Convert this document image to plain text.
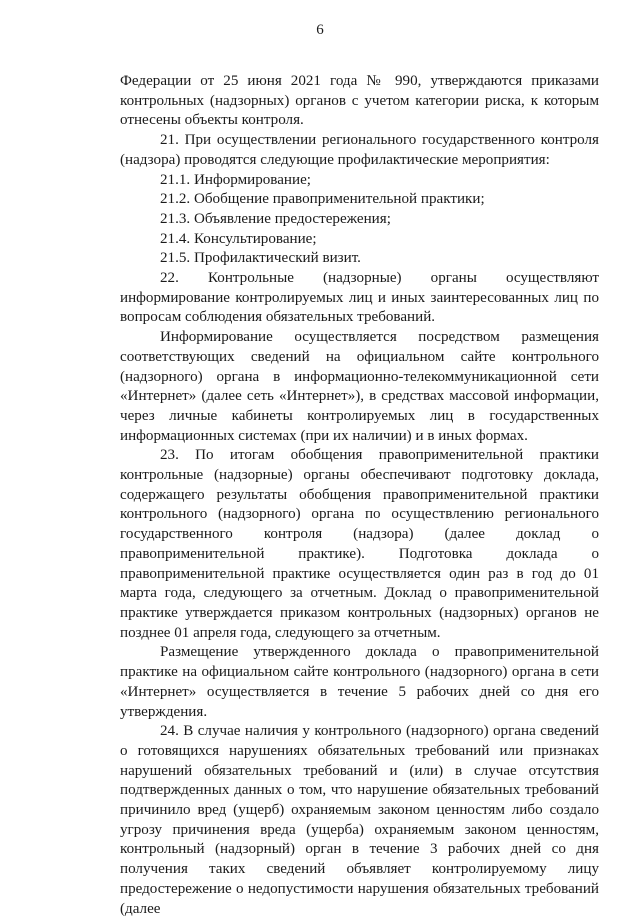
6

Федерации от 25 июня 2021 года № 990, утверждаются приказами контрольных (надзорных) органов с учетом категории риска, к которым отнесены объекты контроля.

21. При осуществлении регионального государственного контроля (надзора) проводятся следующие профилактические мероприятия:

21.1. Информирование;

21.2. Обобщение правоприменительной практики;

21.3. Объявление предостережения;

21.4. Консультирование;

21.5. Профилактический визит.

22. Контрольные (надзорные) органы осуществляют информирование контролируемых лиц и иных заинтересованных лиц по вопросам соблюдения обязательных требований.

Информирование осуществляется посредством размещения соответствующих сведений на официальном сайте контрольного (надзорного) органа в информационно-телекоммуникационной сети «Интернет» (далее сеть «Интернет»), в средствах массовой информации, через личные кабинеты контролируемых лиц в государственных информационных системах (при их наличии) и в иных формах.

23. По итогам обобщения правоприменительной практики контрольные (надзорные) органы обеспечивают подготовку доклада, содержащего результаты обобщения правоприменительной практики контрольного (надзорного) органа по осуществлению регионального государственного контроля (надзора) (далее доклад о правоприменительной практике). Подготовка доклада о правоприменительной практике осуществляется один раз в год до 01 марта года, следующего за отчетным. Доклад о правоприменительной практике утверждается приказом контрольных (надзорных) органов не позднее 01 апреля года, следующего за отчетным.

Размещение утвержденного доклада о правоприменительной практике на официальном сайте контрольного (надзорного) органа в сети «Интернет» осуществляется в течение 5 рабочих дней со дня его утверждения.

24. В случае наличия у контрольного (надзорного) органа сведений о готовящихся нарушениях обязательных требований или признаках нарушений обязательных требований и (или) в случае отсутствия подтвержденных данных о том, что нарушение обязательных требований причинило вред (ущерб) охраняемым законом ценностям либо создало угрозу причинения вреда (ущерба) охраняемым законом ценностям, контрольный (надзорный) орган в течение 3 рабочих дней со дня получения таких сведений объявляет контролируемому лицу предостережение о недопустимости нарушения обязательных требований (далее
